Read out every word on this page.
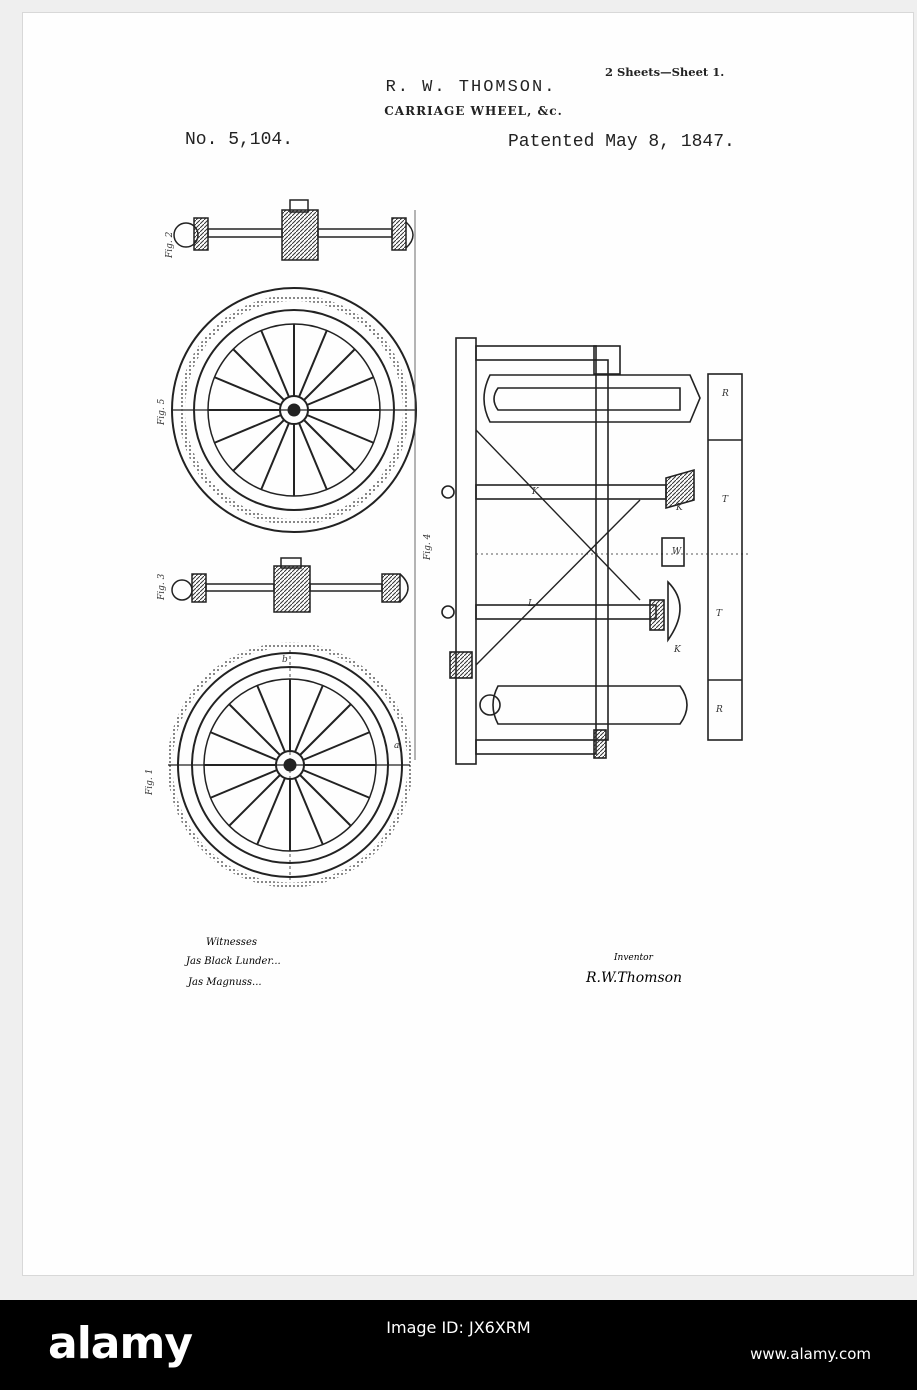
2 Sheets—Sheet 1.
R. W. THOMSON.
CARRIAGE WHEEL, &c.
No. 5,104.	Patented May 8, 1847.
Fig. 2
Fig. 5
Fig. 3
Fig. 1
Fig. 4
R
T
T
R
K
K
W
L
K
b
a
Witnesses
Jas Black Lunder...
Jas Magnuss...
Inventor
R.W.Thomson
alamy	Image ID: JX6XRM
www.alamy.com
